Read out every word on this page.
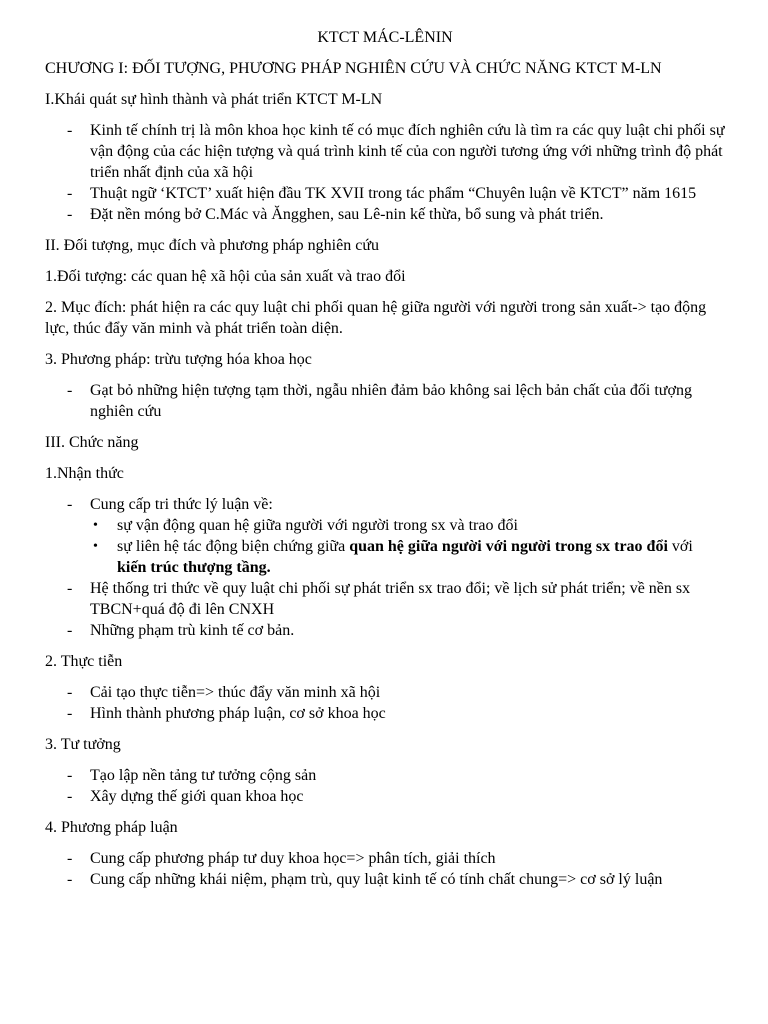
KTCT MÁC-LÊNIN

CHƯƠNG I: ĐỐI TƯỢNG, PHƯƠNG PHÁP NGHIÊN CỨU VÀ CHỨC NĂNG KTCT M-LN

I.Khái quát sự hình thành và phát triển KTCT M-LN

- Kinh tế chính trị là môn khoa học kinh tế có mục đích nghiên cứu là tìm ra các quy luật chi phối sự vận động của các hiện tượng và quá trình kinh tế của con người tương ứng với những trình độ phát triển nhất định của xã hội
- Thuật ngữ ‘KTCT’ xuất hiện đầu TK XVII trong tác phẩm “Chuyên luận về KTCT” năm 1615
- Đặt nền móng bở C.Mác và Ăngghen, sau Lê-nin kế thừa, bổ sung và phát triển.

II. Đối tượng, mục đích và phương pháp nghiên cứu

1.Đối tượng: các quan hệ xã hội của sản xuất và trao đổi

2. Mục đích: phát hiện ra các quy luật chi phối quan hệ giữa người với người trong sản xuất-> tạo động lực, thúc đẩy văn minh và phát triển toàn diện.

3. Phương pháp: trừu tượng hóa khoa học

- Gạt bỏ những hiện tượng tạm thời, ngẫu nhiên đảm bảo không sai lệch bản chất của đối tượng nghiên cứu

III. Chức năng

1.Nhận thức

- Cung cấp tri thức lý luận về:
• sự vận động quan hệ giữa người với người trong sx và trao đổi
• sự liên hệ tác động biện chứng giữa quan hệ giữa người với người trong sx trao đổi với kiến trúc thượng tầng.
- Hệ thống tri thức về quy luật chi phối sự phát triển sx trao đổi; về lịch sử phát triển; về nền sx TBCN+quá độ đi lên CNXH
- Những phạm trù kinh tế cơ bản.

2. Thực tiễn

- Cải tạo thực tiễn=> thúc đẩy văn minh xã hội
- Hình thành phương pháp luận, cơ sở khoa học

3. Tư tưởng

- Tạo lập nền tảng tư tưởng cộng sản
- Xây dựng thế giới quan khoa học

4. Phương pháp luận

- Cung cấp phương pháp tư duy khoa học=> phân tích, giải thích
- Cung cấp những khái niệm, phạm trù, quy luật kinh tế có tính chất chung=> cơ sở lý luận
